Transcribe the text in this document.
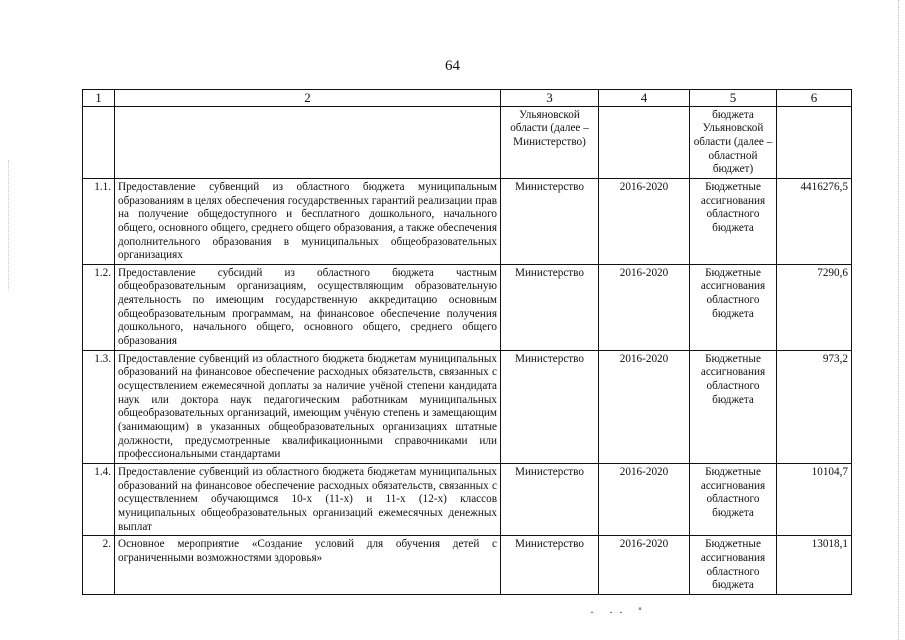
64
1	2	3	4	5	6
		Ульяновской области (далее – Министерство)		бюджета Ульяновской области (далее – областной бюджет)	
1.1.	Предоставление субвенций из областного бюджета муниципальным образованиям в целях обеспечения государственных гарантий реализации прав на получение общедоступного и бесплатного дошкольного, начального общего, основного общего, среднего общего образования, а также обеспечения дополнительного образования в муниципальных общеобразовательных организациях	Министерство	2016-2020	Бюджетные ассигнования областного бюджета	4416276,5
1.2.	Предоставление субсидий из областного бюджета частным общеобразовательным организациям, осуществляющим образовательную деятельность по имеющим государственную аккредитацию основным общеобразовательным программам, на финансовое обеспечение получения дошкольного, начального общего, основного общего, среднего общего образования	Министерство	2016-2020	Бюджетные ассигнования областного бюджета	7290,6
1.3.	Предоставление субвенций из областного бюджета бюджетам муниципальных образований на финансовое обеспечение расходных обязательств, связанных с осуществлением ежемесячной доплаты за наличие учёной степени кандидата наук или доктора наук педагогическим работникам муниципальных общеобразовательных организаций, имеющим учёную степень и замещающим (занимающим) в указанных общеобразовательных организациях штатные должности, предусмотренные квалификационными справочниками или профессиональными стандартами	Министерство	2016-2020	Бюджетные ассигнования областного бюджета	973,2
1.4.	Предоставление субвенций из областного бюджета бюджетам муниципальных образований на финансовое обеспечение расходных обязательств, связанных с осуществлением обучающимся 10-х (11-х) и 11-х (12-х) классов муниципальных общеобразовательных организаций ежемесячных денежных выплат	Министерство	2016-2020	Бюджетные ассигнования областного бюджета	10104,7
2.	Основное мероприятие «Создание условий для обучения детей с ограниченными возможностями здоровья»	Министерство	2016-2020	Бюджетные ассигнования областного бюджета	13018,1
· ·· ˚
